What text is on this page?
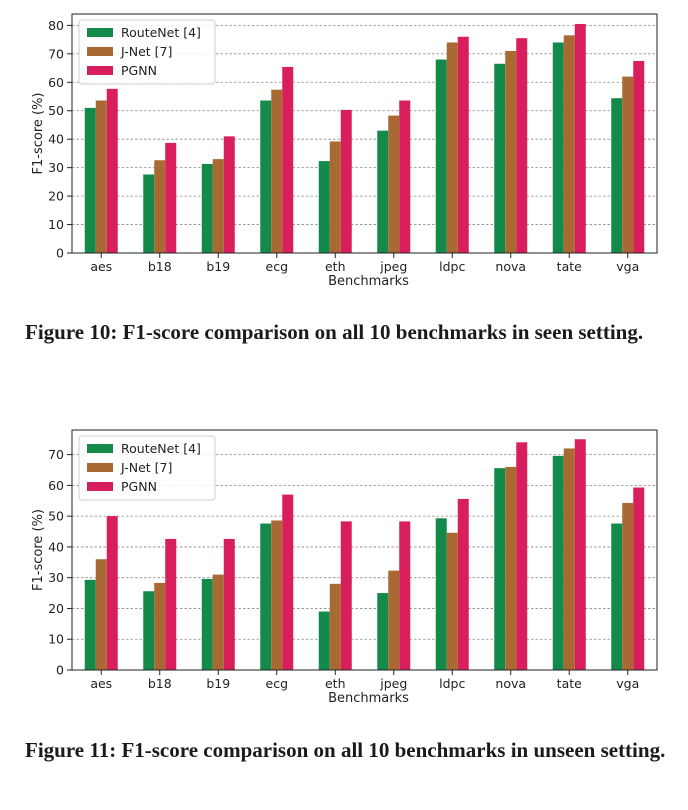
0
10
20
30
40
50
60
70
80
aes	b18	b19	ecg	eth	jpeg	ldpc nova tate	vga
Benchmarks
F1-score (%)
RouteNet [4]
J-Net [7]
PGNN

Figure 10: F1-score comparison on all 10 benchmarks in seen setting.

0
10
20
30
40
50
60
70
aes	b18	b19	ecg	eth	jpeg	ldpc nova tate	vga
Benchmarks
F1-score (%)
RouteNet [4]
J-Net [7]
PGNN

Figure 11: F1-score comparison on all 10 benchmarks in unseen setting.
